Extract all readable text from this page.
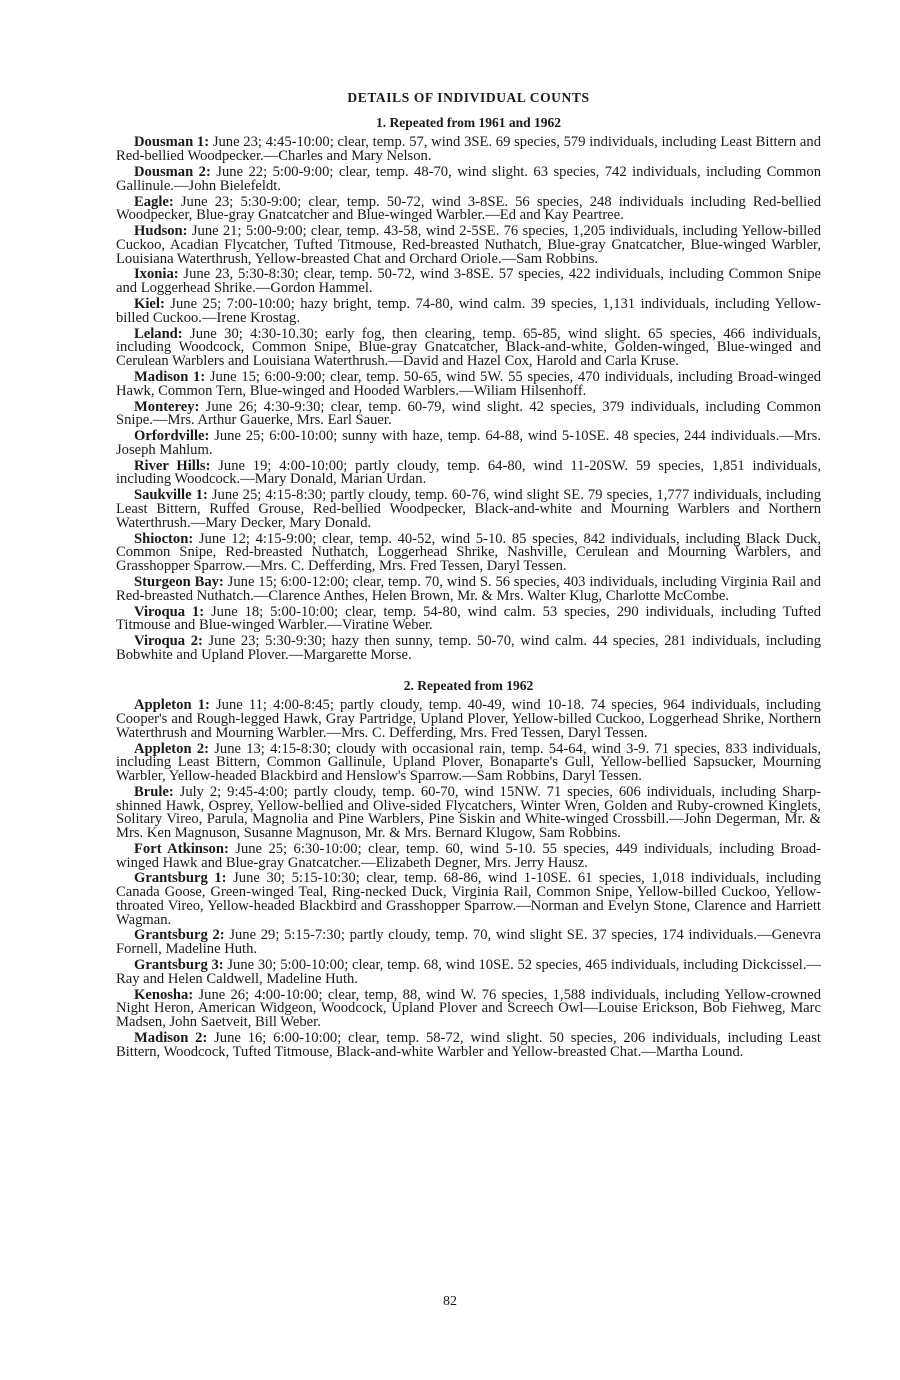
DETAILS OF INDIVIDUAL COUNTS
1. Repeated from 1961 and 1962

Dousman 1: June 23; 4:45-10:00; clear, temp. 57, wind 3SE. 69 species, 579 individuals, including Least Bittern and Red-bellied Woodpecker.—Charles and Mary Nelson.

Dousman 2: June 22; 5:00-9:00; clear, temp. 48-70, wind slight. 63 species, 742 individuals, including Common Gallinule.—John Bielefeldt.

Eagle: June 23; 5:30-9:00; clear, temp. 50-72, wind 3-8SE. 56 species, 248 individuals including Red-bellied Woodpecker, Blue-gray Gnatcatcher and Blue-winged Warbler.—Ed and Kay Peartree.

Hudson: June 21; 5:00-9:00; clear, temp. 43-58, wind 2-5SE. 76 species, 1,205 individuals, including Yellow-billed Cuckoo, Acadian Flycatcher, Tufted Titmouse, Red-breasted Nuthatch, Blue-gray Gnatcatcher, Blue-winged Warbler, Louisiana Waterthrush, Yellow-breasted Chat and Orchard Oriole.—Sam Robbins.

Ixonia: June 23, 5:30-8:30; clear, temp. 50-72, wind 3-8SE. 57 species, 422 individuals, including Common Snipe and Loggerhead Shrike.—Gordon Hammel.

Kiel: June 25; 7:00-10:00; hazy bright, temp. 74-80, wind calm. 39 species, 1,131 individuals, including Yellow-billed Cuckoo.—Irene Krostag.

Leland: June 30; 4:30-10.30; early fog, then clearing, temp. 65-85, wind slight. 65 species, 466 individuals, including Woodcock, Common Snipe, Blue-gray Gnatcatcher, Black-and-white, Golden-winged, Blue-winged and Cerulean Warblers and Louisiana Waterthrush.—David and Hazel Cox, Harold and Carla Kruse.

Madison 1: June 15; 6:00-9:00; clear, temp. 50-65, wind 5W. 55 species, 470 individuals, including Broad-winged Hawk, Common Tern, Blue-winged and Hooded Warblers.—Wiliam Hilsenhoff.

Monterey: June 26; 4:30-9:30; clear, temp. 60-79, wind slight. 42 species, 379 individuals, including Common Snipe.—Mrs. Arthur Gauerke, Mrs. Earl Sauer.

Orfordville: June 25; 6:00-10:00; sunny with haze, temp. 64-88, wind 5-10SE. 48 species, 244 individuals.—Mrs. Joseph Mahlum.

River Hills: June 19; 4:00-10:00; partly cloudy, temp. 64-80, wind 11-20SW. 59 species, 1,851 individuals, including Woodcock.—Mary Donald, Marian Urdan.

Saukville 1: June 25; 4:15-8:30; partly cloudy, temp. 60-76, wind slight SE. 79 species, 1,777 individuals, including Least Bittern, Ruffed Grouse, Red-bellied Woodpecker, Black-and-white and Mourning Warblers and Northern Waterthrush.—Mary Decker, Mary Donald.

Shiocton: June 12; 4:15-9:00; clear, temp. 40-52, wind 5-10. 85 species, 842 individuals, including Black Duck, Common Snipe, Red-breasted Nuthatch, Loggerhead Shrike, Nashville, Cerulean and Mourning Warblers, and Grasshopper Sparrow.—Mrs. C. Defferding, Mrs. Fred Tessen, Daryl Tessen.

Sturgeon Bay: June 15; 6:00-12:00; clear, temp. 70, wind S. 56 species, 403 individuals, including Virginia Rail and Red-breasted Nuthatch.—Clarence Anthes, Helen Brown, Mr. & Mrs. Walter Klug, Charlotte McCombe.

Viroqua 1: June 18; 5:00-10:00; clear, temp. 54-80, wind calm. 53 species, 290 individuals, including Tufted Titmouse and Blue-winged Warbler.—Viratine Weber.

Viroqua 2: June 23; 5:30-9:30; hazy then sunny, temp. 50-70, wind calm. 44 species, 281 individuals, including Bobwhite and Upland Plover.—Margarette Morse.

2. Repeated from 1962

Appleton 1: June 11; 4:00-8:45; partly cloudy, temp. 40-49, wind 10-18. 74 species, 964 individuals, including Cooper's and Rough-legged Hawk, Gray Partridge, Upland Plover, Yellow-billed Cuckoo, Loggerhead Shrike, Northern Waterthrush and Mourning Warbler.—Mrs. C. Defferding, Mrs. Fred Tessen, Daryl Tessen.

Appleton 2: June 13; 4:15-8:30; cloudy with occasional rain, temp. 54-64, wind 3-9. 71 species, 833 individuals, including Least Bittern, Common Gallinule, Upland Plover, Bonaparte's Gull, Yellow-bellied Sapsucker, Mourning Warbler, Yellow-headed Blackbird and Henslow's Sparrow.—Sam Robbins, Daryl Tessen.

Brule: July 2; 9:45-4:00; partly cloudy, temp. 60-70, wind 15NW. 71 species, 606 individuals, including Sharp-shinned Hawk, Osprey, Yellow-bellied and Olive-sided Flycatchers, Winter Wren, Golden and Ruby-crowned Kinglets, Solitary Vireo, Parula, Magnolia and Pine Warblers, Pine Siskin and White-winged Crossbill.—John Degerman, Mr. & Mrs. Ken Magnuson, Susanne Magnuson, Mr. & Mrs. Bernard Klugow, Sam Robbins.

Fort Atkinson: June 25; 6:30-10:00; clear, temp. 60, wind 5-10. 55 species, 449 individuals, including Broad-winged Hawk and Blue-gray Gnatcatcher.—Elizabeth Degner, Mrs. Jerry Hausz.

Grantsburg 1: June 30; 5:15-10:30; clear, temp. 68-86, wind 1-10SE. 61 species, 1,018 individuals, including Canada Goose, Green-winged Teal, Ring-necked Duck, Virginia Rail, Common Snipe, Yellow-billed Cuckoo, Yellow-throated Vireo, Yellow-headed Blackbird and Grasshopper Sparrow.—Norman and Evelyn Stone, Clarence and Harriett Wagman.

Grantsburg 2: June 29; 5:15-7:30; partly cloudy, temp. 70, wind slight SE. 37 species, 174 individuals.—Genevra Fornell, Madeline Huth.

Grantsburg 3: June 30; 5:00-10:00; clear, temp. 68, wind 10SE. 52 species, 465 individuals, including Dickcissel.—Ray and Helen Caldwell, Madeline Huth.

Kenosha: June 26; 4:00-10:00; clear, temp, 88, wind W. 76 species, 1,588 individuals, including Yellow-crowned Night Heron, American Widgeon, Woodcock, Upland Plover and Screech Owl—Louise Erickson, Bob Fiehweg, Marc Madsen, John Saetveit, Bill Weber.

Madison 2: June 16; 6:00-10:00; clear, temp. 58-72, wind slight. 50 species, 206 individuals, including Least Bittern, Woodcock, Tufted Titmouse, Black-and-white Warbler and Yellow-breasted Chat.—Martha Lound.

82
